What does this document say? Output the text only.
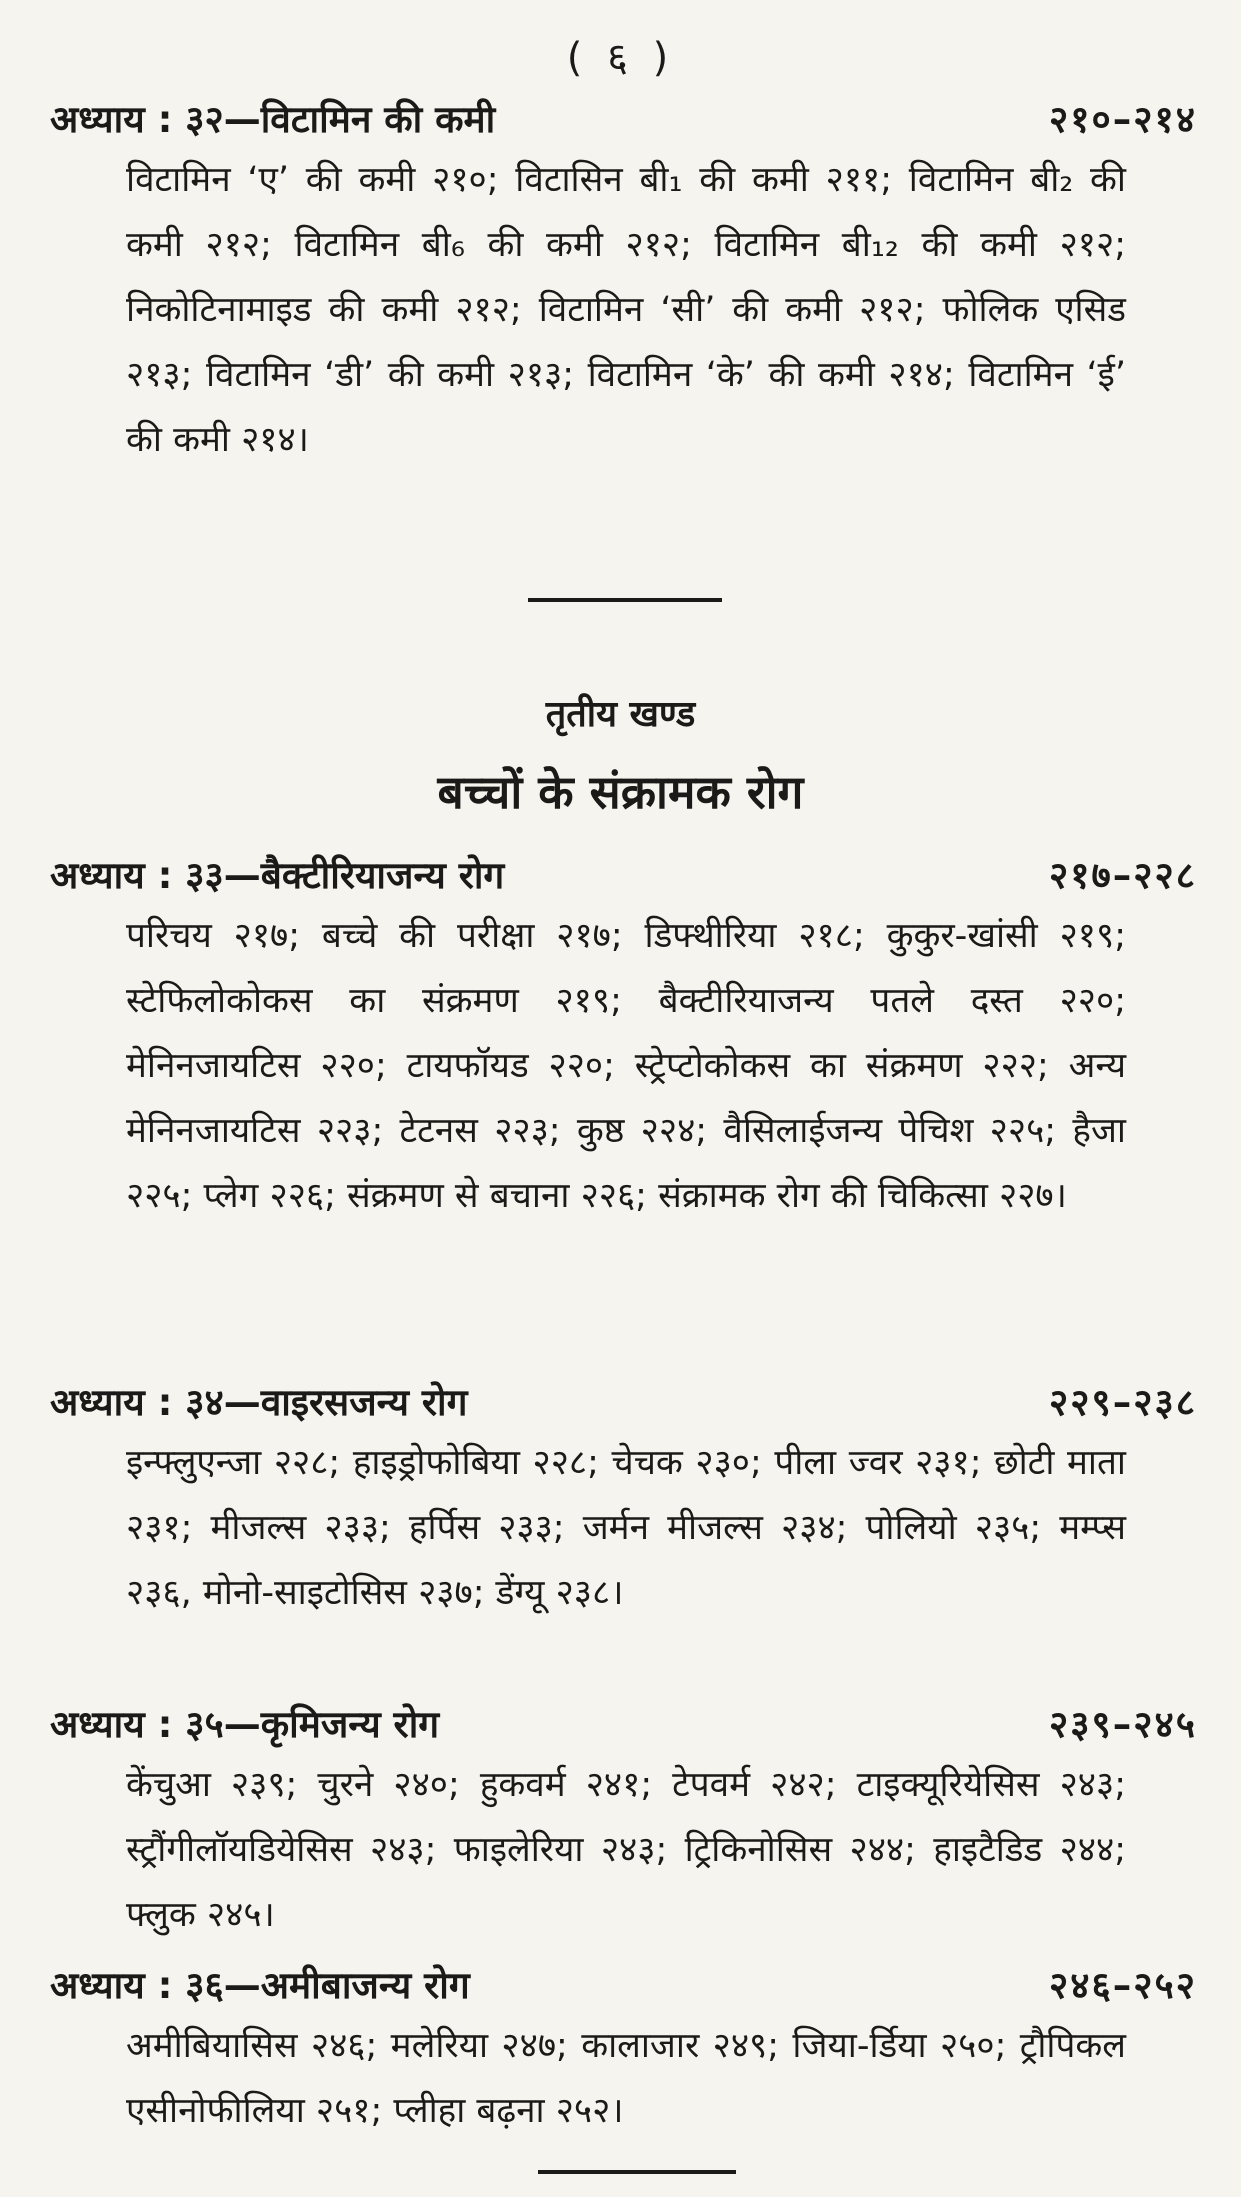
( ६ )
अध्याय : ३२—विटामिन की कमी	२१०–२१४
विटामिन ‘ए’ की कमी २१०; विटासिन बी₁ की कमी २११; विटामिन बी₂ की कमी २१२; विटामिन बी₆ की कमी २१२; विटामिन बी₁₂ की कमी २१२; निकोटिनामाइड की कमी २१२; विटामिन ‘सी’ की कमी २१२; फोलिक एसिड २१३; विटामिन ‘डी’ की कमी २१३; विटामिन ‘के’ की कमी २१४; विटामिन ‘ई’ की कमी २१४।
तृतीय खण्ड
बच्चों के संक्रामक रोग
अध्याय : ३३—बैक्टीरियाजन्य रोग	२१७–२२८
परिचय २१७; बच्चे की परीक्षा २१७; डिफ्थीरिया २१८; कुकुर-खांसी २१९; स्टेफिलोकोकस का संक्रमण २१९; बैक्टीरियाजन्य पतले दस्त २२०; मेनिनजायटिस २२०; टायफॉयड २२०; स्ट्रेप्टोकोकस का संक्रमण २२२; अन्य मेनिनजायटिस २२३; टेटनस २२३; कुष्ठ २२४; वैसिलाईजन्य पेचिश २२५; हैजा २२५; प्लेग २२६; संक्रमण से बचाना २२६; संक्रामक रोग की चिकित्सा २२७।
अध्याय : ३४—वाइरसजन्य रोग	२२९–२३८
इन्फ्लुएन्जा २२८; हाइड्रोफोबिया २२८; चेचक २३०; पीला ज्वर २३१; छोटी माता २३१; मीजल्स २३३; हर्पिस २३३; जर्मन मीजल्स २३४; पोलियो २३५; मम्प्स २३६, मोनो-साइटोसिस २३७; डेंग्यू २३८।
अध्याय : ३५—कृमिजन्य रोग	२३९–२४५
केंचुआ २३९; चुरने २४०; हुकवर्म २४१; टेपवर्म २४२; टाइक्यूरियेसिस २४३; स्ट्रौंगीलॉयडियेसिस २४३; फाइलेरिया २४३; ट्रिकिनोसिस २४४; हाइटैडिड २४४; फ्लुक २४५।
अध्याय : ३६—अमीबाजन्य रोग	२४६–२५२
अमीबियासिस २४६; मलेरिया २४७; कालाजार २४९; जिया-र्डिया २५०; ट्रौपिकल एसीनोफीलिया २५१; प्लीहा बढ़ना २५२।
